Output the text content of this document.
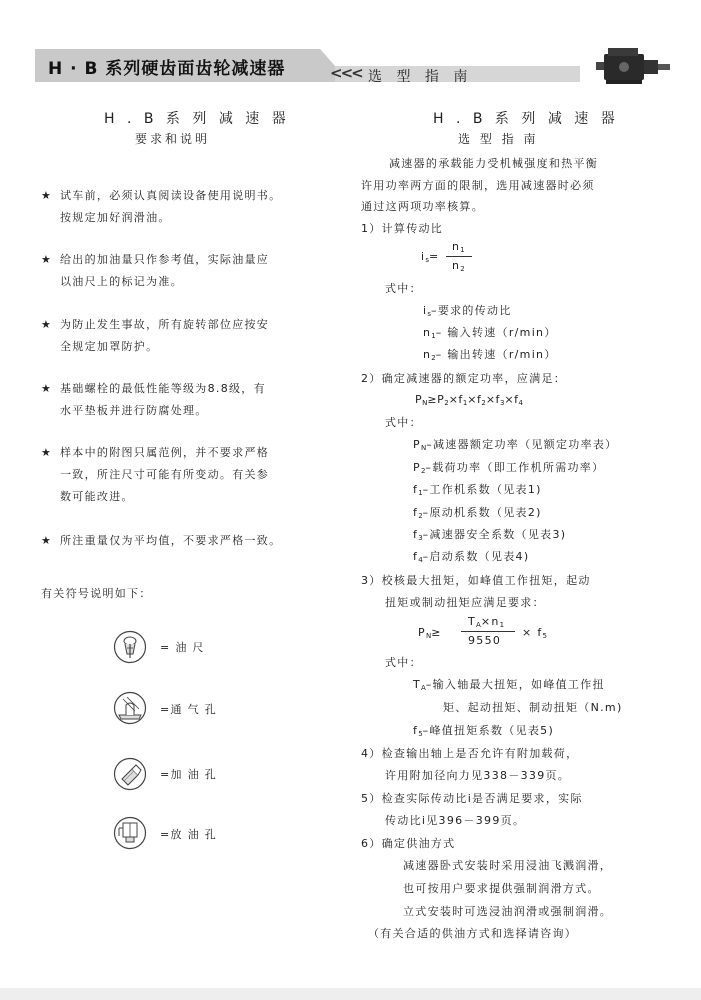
H · B 系列硬齿面齿轮减速器	<<< 选 型 指 南
H . B 系 列 减 速 器
要求和说明
★ 试车前，必须认真阅读设备使用说明书。
按规定加好润滑油。
★ 给出的加油量只作参考值，实际油量应
以油尺上的标记为准。
★ 为防止发生事故，所有旋转部位应按安
全规定加罩防护。
★ 基础螺栓的最低性能等级为8.8级，有
水平垫板并进行防腐处理。
★ 样本中的附图只属范例，并不要求严格
一致，所注尺寸可能有所变动。有关参
数可能改进。
★ 所注重量仅为平均值，不要求严格一致。
有关符号说明如下：
= 油 尺
=通 气 孔
=加 油 孔
=放 油 孔
H . B 系 列 减 速 器
选 型 指 南
减速器的承载能力受机械强度和热平衡
许用功率两方面的限制，选用减速器时必须
通过这两项功率核算。
1）计算传动比
$i_s=$
$n_1$
$n_2$
式中：
$i_s-$要求的传动比
$n_1-$ 输入转速（r/min）
$n_2-$ 输出转速（r/min）
2）确定减速器的额定功率，应满足：
$P_N\ge P_2\times f_1\times f_2\times f_3\times f_4$
式中：
$P_N-$减速器额定功率（见额定功率表）
$P_2-$载荷功率（即工作机所需功率）
$f_1-$工作机系数（见表1)
$f_2-$原动机系数（见表2)
$f_3-$减速器安全系数（见表3)
$f_4-$启动系数（见表4)
3）校核最大扭矩，如峰值工作扭矩，起动
扭矩或制动扭矩应满足要求：
$P_N\ge$
$T_A\times n_1$
9550
× $f_5$
式中：
$T_A-$输入轴最大扭矩，如峰值工作扭
矩、起动扭矩、制动扭矩（N.m)
$f_5-$峰值扭矩系数（见表5)
4）检查输出轴上是否允许有附加载荷，
许用附加径向力见338－339页。
5）检查实际传动比i是否满足要求，实际
传动比i见396－399页。
6）确定供油方式
减速器卧式安装时采用浸油飞溅润滑，
也可按用户要求提供强制润滑方式。
立式安装时可选浸油润滑或强制润滑。
（有关合适的供油方式和选择请咨询）
